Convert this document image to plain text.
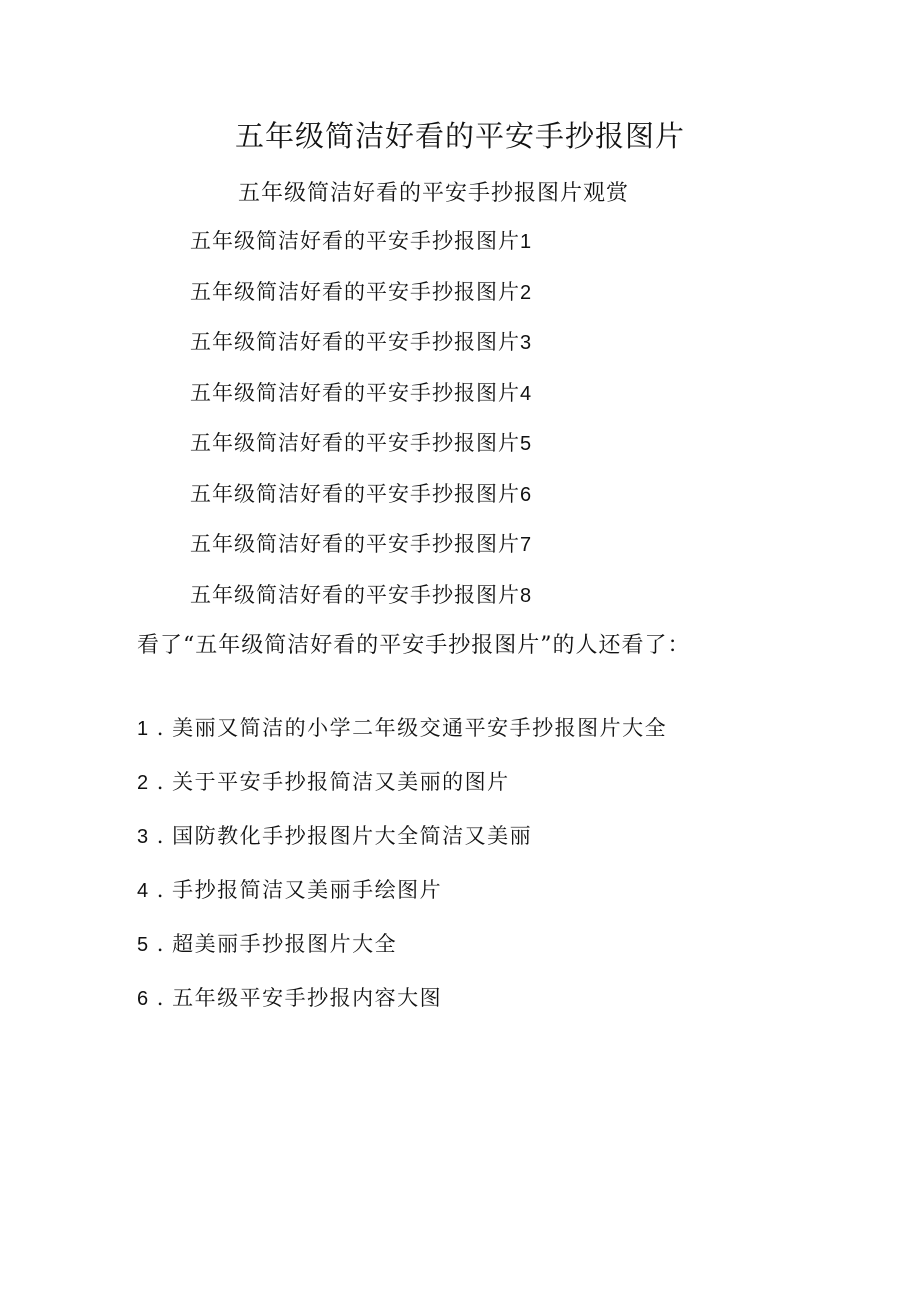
五年级简洁好看的平安手抄报图片
五年级简洁好看的平安手抄报图片观赏
五年级简洁好看的平安手抄报图片1
五年级简洁好看的平安手抄报图片2
五年级简洁好看的平安手抄报图片3
五年级简洁好看的平安手抄报图片4
五年级简洁好看的平安手抄报图片5
五年级简洁好看的平安手抄报图片6
五年级简洁好看的平安手抄报图片7
五年级简洁好看的平安手抄报图片8

看了“五年级简洁好看的平安手抄报图片”的人还看了：

1 . 美丽又简洁的小学二年级交通平安手抄报图片大全
2 . 关于平安手抄报简洁又美丽的图片
3 . 国防教化手抄报图片大全简洁又美丽
4 . 手抄报简洁又美丽手绘图片
5 . 超美丽手抄报图片大全
6 . 五年级平安手抄报内容大图
